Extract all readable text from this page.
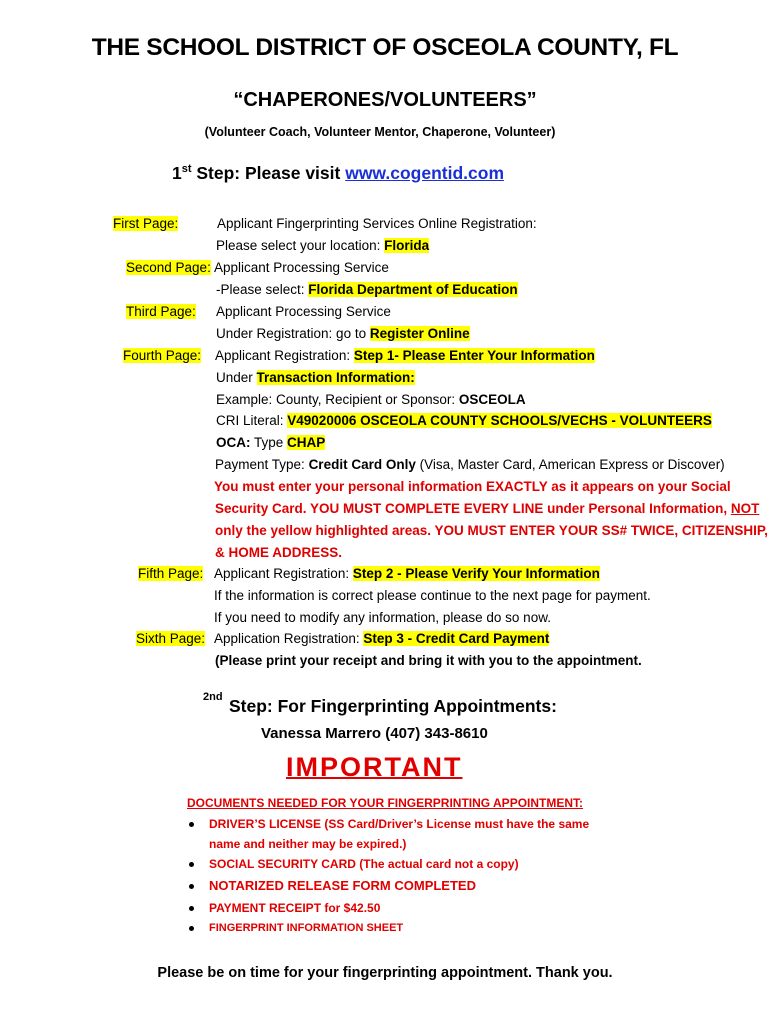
THE SCHOOL DISTRICT OF OSCEOLA COUNTY, FL
“CHAPERONES/VOLUNTEERS”
(Volunteer Coach, Volunteer Mentor, Chaperone, Volunteer)
1st Step: Please visit www.cogentid.com
First Page:	Applicant Fingerprinting Services Online Registration:
Please select your location: Florida
Second Page: Applicant Processing Service
-Please select: Florida Department of Education
Third Page: Applicant Processing Service
Under Registration: go to Register Online
Fourth Page: Applicant Registration: Step 1- Please Enter Your Information
Under Transaction Information:
Example: County, Recipient or Sponsor: OSCEOLA
CRI Literal: V49020006 OSCEOLA COUNTY SCHOOLS/VECHS - VOLUNTEERS
OCA: Type CHAP
Payment Type: Credit Card Only (Visa, Master Card, American Express or Discover)
You must enter your personal information EXACTLY as it appears on your Social
Security Card. YOU MUST COMPLETE EVERY LINE under Personal Information, NOT
only the yellow highlighted areas. YOU MUST ENTER YOUR SS# TWICE, CITIZENSHIP,
& HOME ADDRESS.
Fifth Page: Applicant Registration: Step 2 - Please Verify Your Information
If the information is correct please continue to the next page for payment.
If you need to modify any information, please do so now.
Sixth Page: Application Registration: Step 3 - Credit Card Payment
(Please print your receipt and bring it with you to the appointment.
2nd Step: For Fingerprinting Appointments:
Vanessa Marrero (407) 343-8610
IMPORTANT
DOCUMENTS NEEDED FOR YOUR FINGERPRINTING APPOINTMENT:
DRIVER’S LICENSE (SS Card/Driver’s License must have the same
name and neither may be expired.)
SOCIAL SECURITY CARD (The actual card not a copy)
NOTARIZED RELEASE FORM COMPLETED
PAYMENT RECEIPT for $42.50
FINGERPRINT INFORMATION SHEET
Please be on time for your fingerprinting appointment. Thank you.
